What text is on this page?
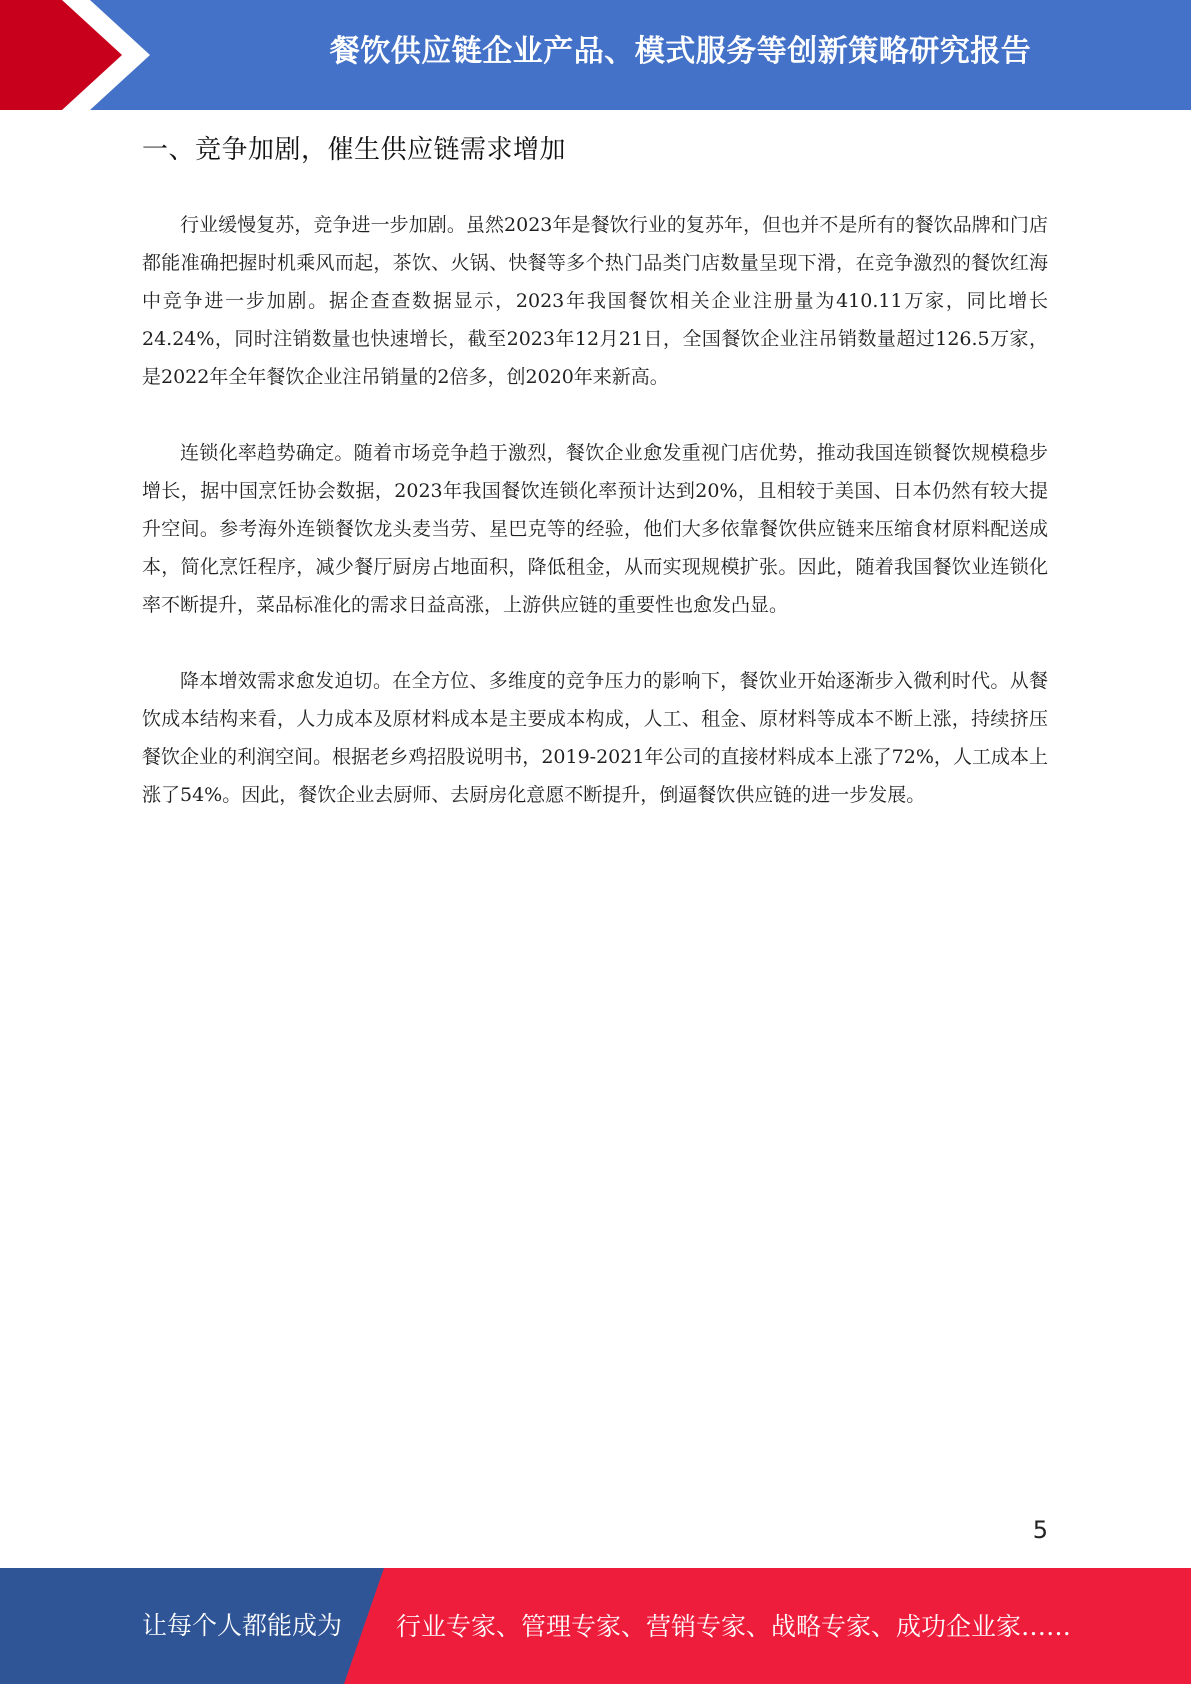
餐饮供应链企业产品、模式服务等创新策略研究报告
一、竞争加剧，催生供应链需求增加

行业缓慢复苏，竞争进一步加剧。虽然2023年是餐饮行业的复苏年，但也并不是所有的餐饮品牌和门店都能准确把握时机乘风而起，茶饮、火锅、快餐等多个热门品类门店数量呈现下滑，在竞争激烈的餐饮红海中竞争进一步加剧。据企查查数据显示，2023年我国餐饮相关企业注册量为410.11万家，同比增长24.24%，同时注销数量也快速增长，截至2023年12月21日，全国餐饮企业注吊销数量超过126.5万家，是2022年全年餐饮企业注吊销量的2倍多，创2020年来新高。

连锁化率趋势确定。随着市场竞争趋于激烈，餐饮企业愈发重视门店优势，推动我国连锁餐饮规模稳步增长，据中国烹饪协会数据，2023年我国餐饮连锁化率预计达到20%，且相较于美国、日本仍然有较大提升空间。参考海外连锁餐饮龙头麦当劳、星巴克等的经验，他们大多依靠餐饮供应链来压缩食材原料配送成本，简化烹饪程序，减少餐厅厨房占地面积，降低租金，从而实现规模扩张。因此，随着我国餐饮业连锁化率不断提升，菜品标准化的需求日益高涨，上游供应链的重要性也愈发凸显。

降本增效需求愈发迫切。在全方位、多维度的竞争压力的影响下，餐饮业开始逐渐步入微利时代。从餐饮成本结构来看，人力成本及原材料成本是主要成本构成，人工、租金、原材料等成本不断上涨，持续挤压餐饮企业的利润空间。根据老乡鸡招股说明书，2019-2021年公司的直接材料成本上涨了72%，人工成本上涨了54%。因此，餐饮企业去厨师、去厨房化意愿不断提升，倒逼餐饮供应链的进一步发展。

5
让每个人都能成为 行业专家、管理专家、营销专家、战略专家、成功企业家……
